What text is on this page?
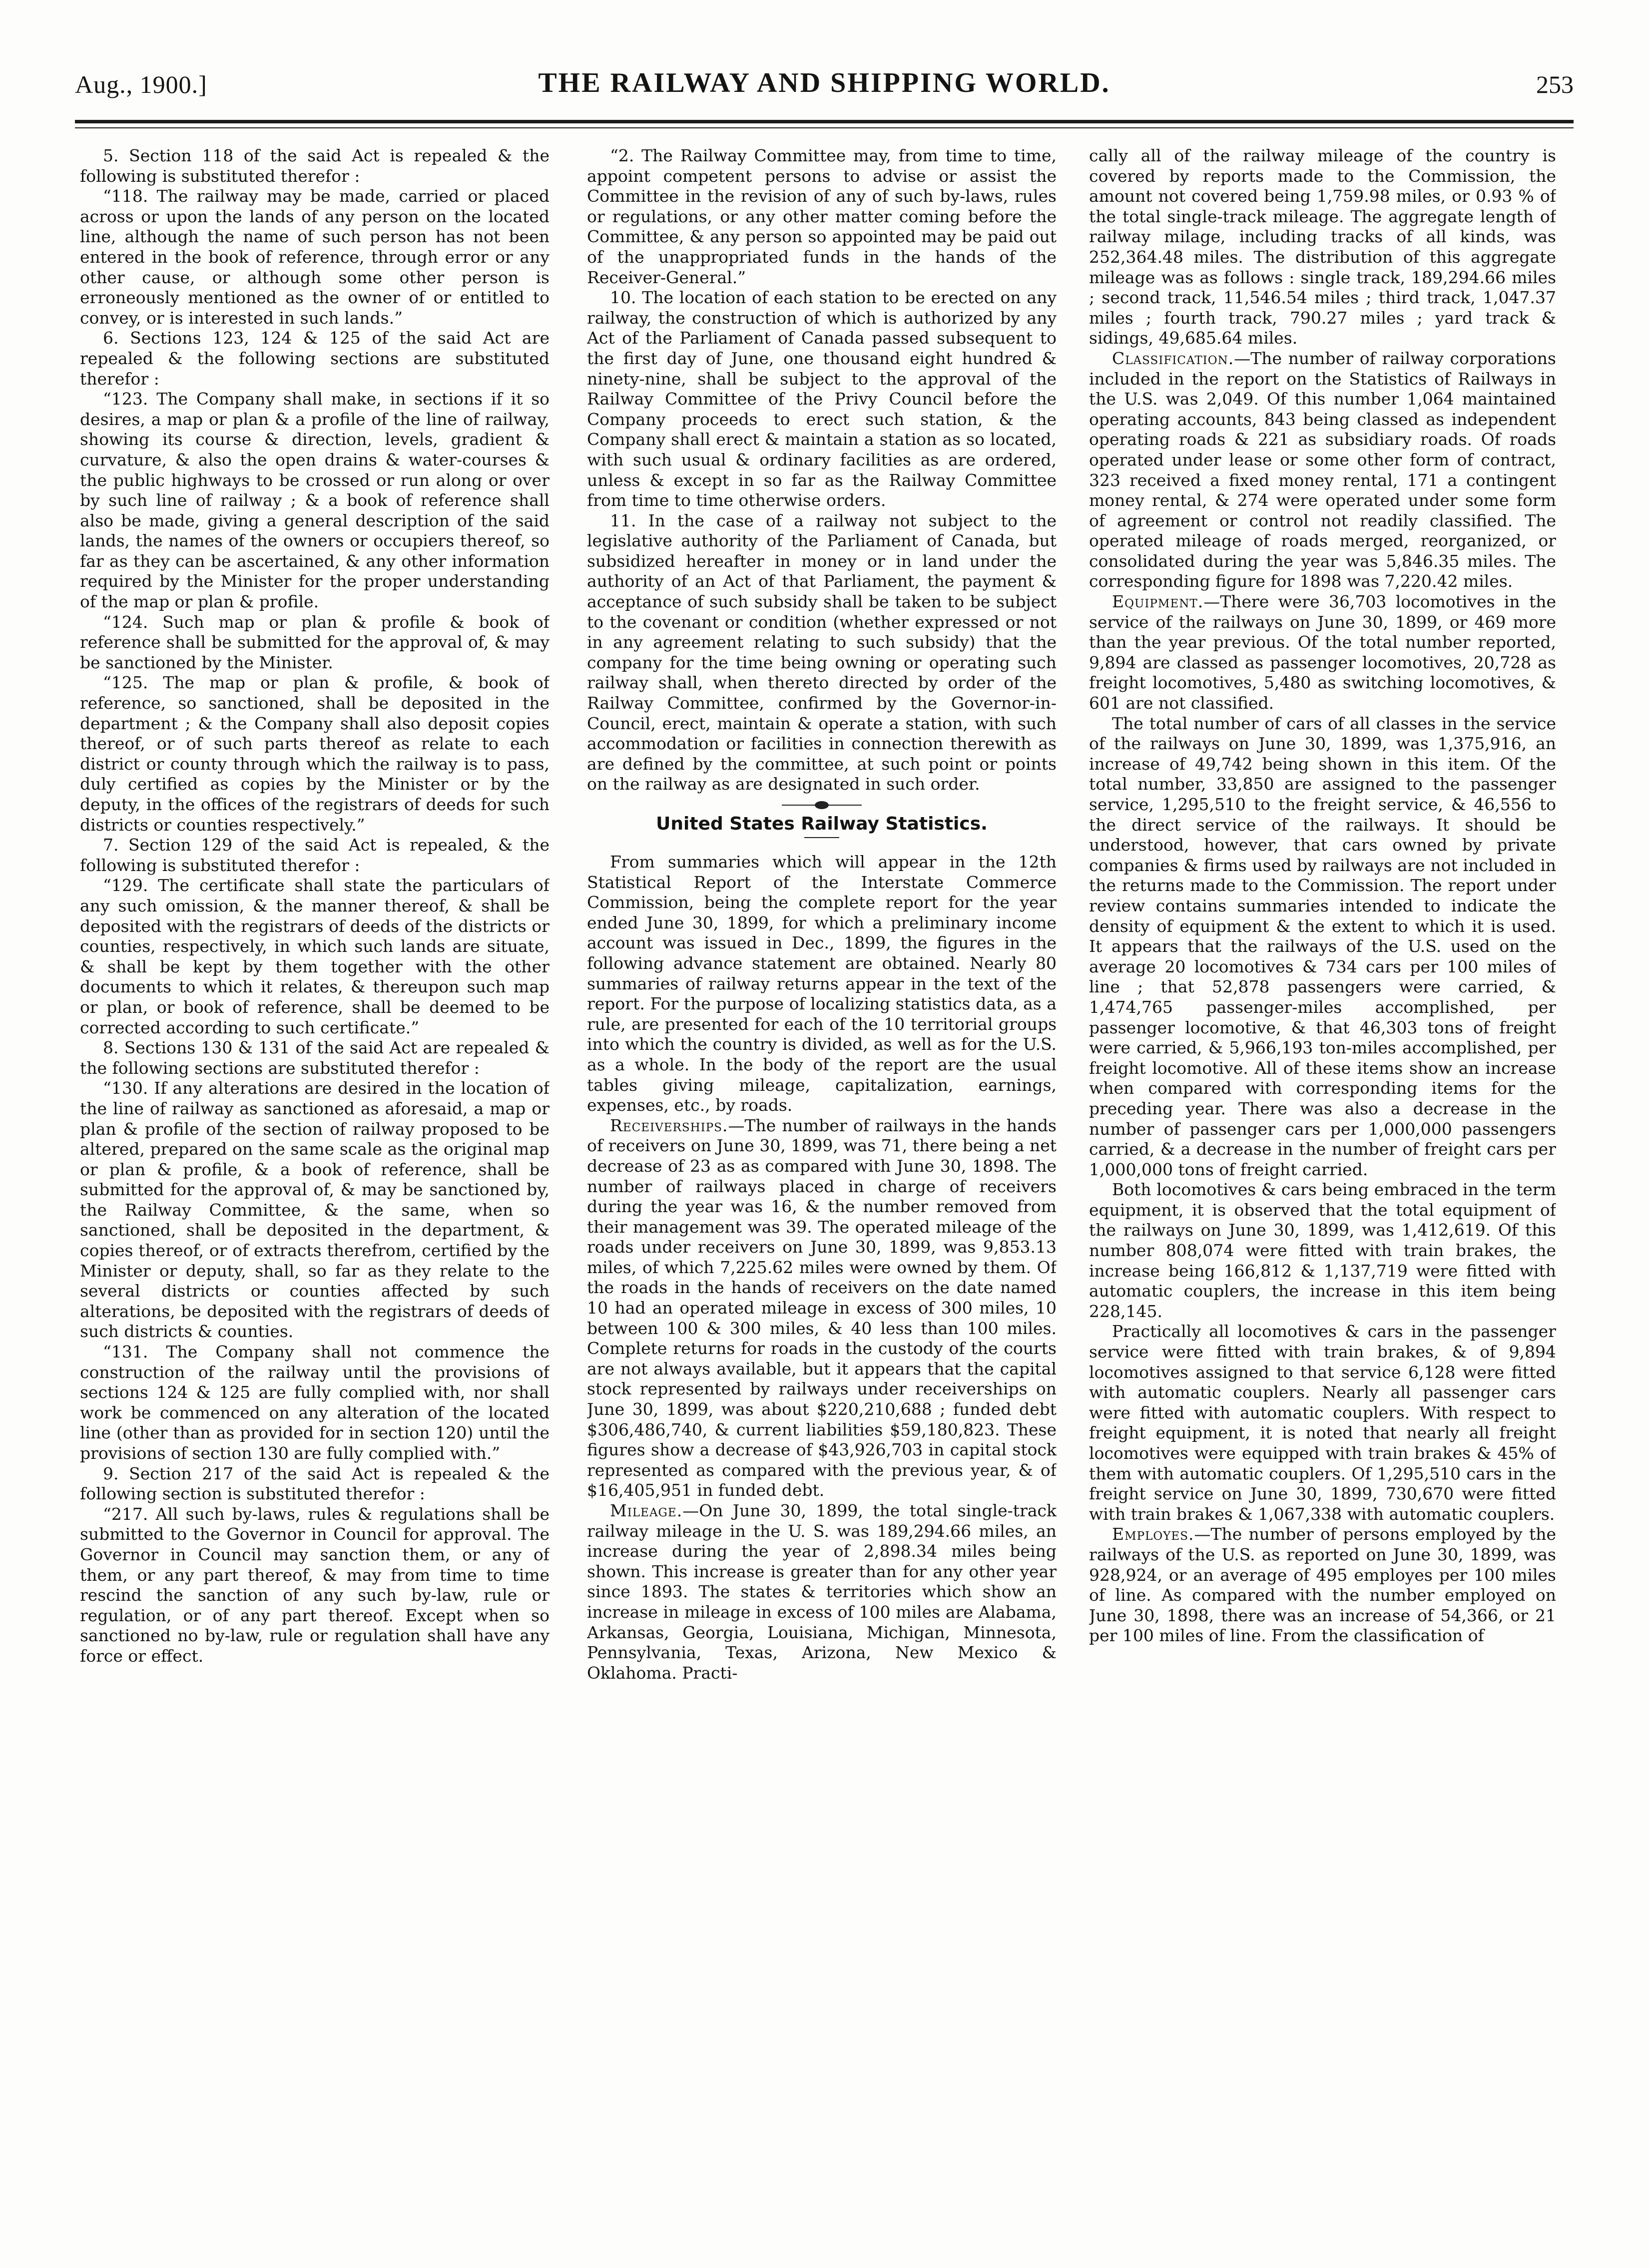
Aug., 1900.]	THE RAILWAY AND SHIPPING WORLD.	253

5. Section 118 of the said Act is repealed & the following is substituted therefor :

“118. The railway may be made, carried or placed across or upon the lands of any person on the located line, although the name of such person has not been entered in the book of reference, through error or any other cause, or although some other person is erroneously mentioned as the owner of or entitled to convey, or is interested in such lands.”

6. Sections 123, 124 & 125 of the said Act are repealed & the following sections are substituted therefor :

“123. The Company shall make, in sections if it so desires, a map or plan & a profile of the line of railway, showing its course & direction, levels, gradient & curvature, & also the open drains & water-courses & the public highways to be crossed or run along or over by such line of railway ; & a book of reference shall also be made, giving a general description of the said lands, the names of the owners or occupiers thereof, so far as they can be ascertained, & any other information required by the Minister for the proper understanding of the map or plan & profile.

“124. Such map or plan & profile & book of reference shall be submitted for the approval of, & may be sanctioned by the Minister.

“125. The map or plan & profile, & book of reference, so sanctioned, shall be deposited in the department ; & the Company shall also deposit copies thereof, or of such parts thereof as relate to each district or county through which the railway is to pass, duly certified as copies by the Minister or by the deputy, in the offices of the registrars of deeds for such districts or counties respectively.”

7. Section 129 of the said Act is repealed, & the following is substituted therefor :

“129. The certificate shall state the particulars of any such omission, & the manner thereof, & shall be deposited with the registrars of deeds of the districts or counties, respectively, in which such lands are situate, & shall be kept by them together with the other documents to which it relates, & thereupon such map or plan, or book of reference, shall be deemed to be corrected according to such certificate.”

8. Sections 130 & 131 of the said Act are repealed & the following sections are substituted therefor :

“130. If any alterations are desired in the location of the line of railway as sanctioned as aforesaid, a map or plan & profile of the section of railway proposed to be altered, prepared on the same scale as the original map or plan & profile, & a book of reference, shall be submitted for the approval of, & may be sanctioned by, the Railway Committee, & the same, when so sanctioned, shall be deposited in the department, & copies thereof, or of extracts therefrom, certified by the Minister or deputy, shall, so far as they relate to the several districts or counties affected by such alterations, be deposited with the registrars of deeds of such districts & counties.

“131. The Company shall not commence the construction of the railway until the provisions of sections 124 & 125 are fully complied with, nor shall work be commenced on any alteration of the located line (other than as provided for in section 120) until the provisions of section 130 are fully complied with.”

9. Section 217 of the said Act is repealed & the following section is substituted therefor :

“217. All such by-laws, rules & regulations shall be submitted to the Governor in Council for approval. The Governor in Council may sanction them, or any of them, or any part thereof, & may from time to time rescind the sanction of any such by-law, rule or regulation, or of any part thereof. Except when so sanctioned no by-law, rule or regulation shall have any force or effect.

“2. The Railway Committee may, from time to time, appoint competent persons to advise or assist the Committee in the revision of any of such by-laws, rules or regulations, or any other matter coming before the Committee, & any person so appointed may be paid out of the unappropriated funds in the hands of the Receiver-General.”

10. The location of each station to be erected on any railway, the construction of which is authorized by any Act of the Parliament of Canada passed subsequent to the first day of June, one thousand eight hundred & ninety-nine, shall be subject to the approval of the Railway Committee of the Privy Council before the Company proceeds to erect such station, & the Company shall erect & maintain a station as so located, with such usual & ordinary facilities as are ordered, unless & except in so far as the Railway Committee from time to time otherwise orders.

11. In the case of a railway not subject to the legislative authority of the Parliament of Canada, but subsidized hereafter in money or in land under the authority of an Act of that Parliament, the payment & acceptance of such subsidy shall be taken to be subject to the covenant or condition (whether expressed or not in any agreement relating to such subsidy) that the company for the time being owning or operating such railway shall, when thereto directed by order of the Railway Committee, confirmed by the Governor-in-Council, erect, maintain & operate a station, with such accommodation or facilities in connection therewith as are defined by the committee, at such point or points on the railway as are designated in such order.

United States Railway Statistics.

From summaries which will appear in the 12th Statistical Report of the Interstate Commerce Commission, being the complete report for the year ended June 30, 1899, for which a preliminary income account was issued in Dec., 1899, the figures in the following advance statement are obtained. Nearly 80 summaries of railway returns appear in the text of the report. For the purpose of localizing statistics data, as a rule, are presented for each of the 10 territorial groups into which the country is divided, as well as for the U.S. as a whole. In the body of the report are the usual tables giving mileage, capitalization, earnings, expenses, etc., by roads.

Receiverships.—The number of railways in the hands of receivers on June 30, 1899, was 71, there being a net decrease of 23 as as compared with June 30, 1898. The number of railways placed in charge of receivers during the year was 16, & the number removed from their management was 39. The operated mileage of the roads under receivers on June 30, 1899, was 9,853.13 miles, of which 7,225.62 miles were owned by them. Of the roads in the hands of receivers on the date named 10 had an operated mileage in excess of 300 miles, 10 between 100 & 300 miles, & 40 less than 100 miles. Complete returns for roads in the custody of the courts are not always available, but it appears that the capital stock represented by railways under receiverships on June 30, 1899, was about $220,210,688 ; funded debt $306,486,740, & current liabilities $59,180,823. These figures show a decrease of $43,926,703 in capital stock represented as compared with the previous year, & of $16,405,951 in funded debt.

Mileage.—On June 30, 1899, the total single-track railway mileage in the U. S. was 189,294.66 miles, an increase during the year of 2,898.34 miles being shown. This increase is greater than for any other year since 1893. The states & territories which show an increase in mileage in excess of 100 miles are Alabama, Arkansas, Georgia, Louisiana, Michigan, Minnesota, Pennsylvania, Texas, Arizona, New Mexico & Oklahoma. Practi-

cally all of the railway mileage of the country is covered by reports made to the Commission, the amount not covered being 1,759.98 miles, or 0.93 % of the total single-track mileage. The aggregate length of railway milage, including tracks of all kinds, was 252,364.48 miles. The distribution of this aggregate mileage was as follows : single track, 189,294.66 miles ; second track, 11,546.54 miles ; third track, 1,047.37 miles ; fourth track, 790.27 miles ; yard track & sidings, 49,685.64 miles.

Classification.—The number of railway corporations included in the report on the Statistics of Railways in the U.S. was 2,049. Of this number 1,064 maintained operating accounts, 843 being classed as independent operating roads & 221 as subsidiary roads. Of roads operated under lease or some other form of contract, 323 received a fixed money rental, 171 a contingent money rental, & 274 were operated under some form of agreement or control not readily classified. The operated mileage of roads merged, reorganized, or consolidated during the year was 5,846.35 miles. The corresponding figure for 1898 was 7,220.42 miles.

Equipment.—There were 36,703 locomotives in the service of the railways on June 30, 1899, or 469 more than the year previous. Of the total number reported, 9,894 are classed as passenger locomotives, 20,728 as freight locomotives, 5,480 as switching locomotives, & 601 are not classified.

The total number of cars of all classes in the service of the railways on June 30, 1899, was 1,375,916, an increase of 49,742 being shown in this item. Of the total number, 33,850 are assigned to the passenger service, 1,295,510 to the freight service, & 46,556 to the direct service of the railways. It should be understood, however, that cars owned by private companies & firms used by railways are not included in the returns made to the Commission. The report under review contains summaries intended to indicate the density of equipment & the extent to which it is used. It appears that the railways of the U.S. used on the average 20 locomotives & 734 cars per 100 miles of line ; that 52,878 passengers were carried, & 1,474,765 passenger-miles accomplished, per passenger locomotive, & that 46,303 tons of freight were carried, & 5,966,193 ton-miles accomplished, per freight locomotive. All of these items show an increase when compared with corresponding items for the preceding year. There was also a decrease in the number of passenger cars per 1,000,000 passengers carried, & a decrease in the number of freight cars per 1,000,000 tons of freight carried.

Both locomotives & cars being embraced in the term equipment, it is observed that the total equipment of the railways on June 30, 1899, was 1,412,619. Of this number 808,074 were fitted with train brakes, the increase being 166,812 & 1,137,719 were fitted with automatic couplers, the increase in this item being 228,145.

Practically all locomotives & cars in the passenger service were fitted with train brakes, & of 9,894 locomotives assigned to that service 6,128 were fitted with automatic couplers. Nearly all passenger cars were fitted with automatic couplers. With respect to freight equipment, it is noted that nearly all freight locomotives were equipped with train brakes & 45% of them with automatic couplers. Of 1,295,510 cars in the freight service on June 30, 1899, 730,670 were fitted with train brakes & 1,067,338 with automatic couplers.

Employes.—The number of persons employed by the railways of the U.S. as reported on June 30, 1899, was 928,924, or an average of 495 employes per 100 miles of line. As compared with the number employed on June 30, 1898, there was an increase of 54,366, or 21 per 100 miles of line. From the classification of
